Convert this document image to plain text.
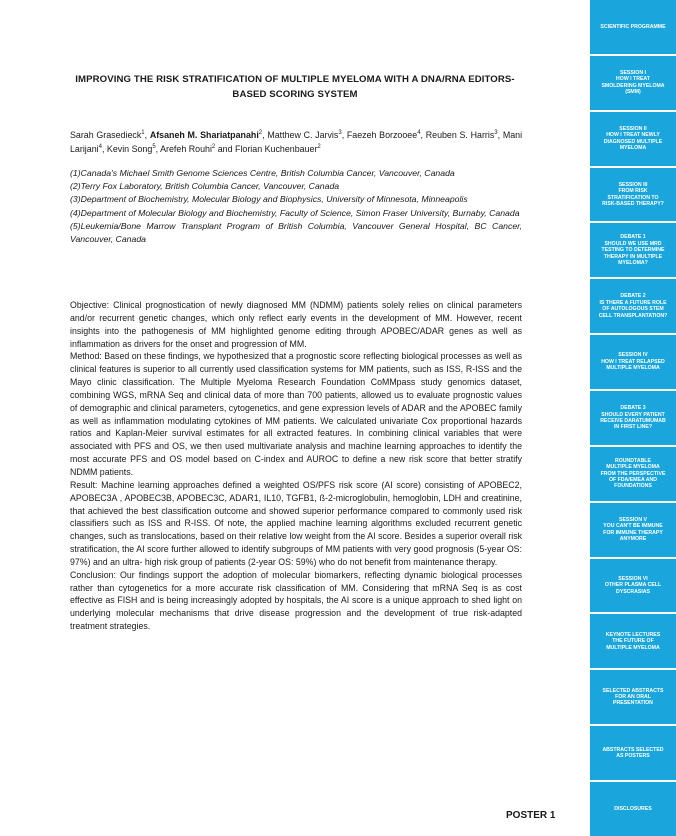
IMPROVING THE RISK STRATIFICATION OF MULTIPLE MYELOMA WITH A DNA/RNA EDITORS-BASED SCORING SYSTEM
Sarah Grasedieck$^1$, Afsaneh M. Shariatpanahi$^2$, Matthew C. Jarvis$^3$, Faezeh Borzooee$^4$, Reuben S. Harris$^3$, Mani Larijani$^4$, Kevin Song$^5$, Arefeh Rouhi$^2$ and Florian Kuchenbauer$^2$
(1)Canada's Michael Smith Genome Sciences Centre, British Columbia Cancer, Vancouver, Canada
(2)Terry Fox Laboratory, British Columbia Cancer, Vancouver, Canada
(3)Department of Biochemistry, Molecular Biology and Biophysics, University of Minnesota, Minneapolis
(4)Department of Molecular Biology and Biochemistry, Faculty of Science, Simon Fraser University, Burnaby, Canada
(5)Leukemia/Bone Marrow Transplant Program of British Columbia, Vancouver General Hospital, BC Cancer, Vancouver, Canada

Objective: Clinical prognostication of newly diagnosed MM (NDMM) patients solely relies on clinical parameters and/or recurrent genetic changes, which only reflect early events in the development of MM. However, recent insights into the pathogenesis of MM highlighted genome editing through APOBEC/ADAR genes as well as inflammation as drivers for the onset and progression of MM.

Method: Based on these findings, we hypothesized that a prognostic score reflecting biological processes as well as clinical features is superior to all currently used classification systems for MM patients, such as ISS, R-ISS and the Mayo clinic classification. The Multiple Myeloma Research Foundation CoMMpass study genomics dataset, combining WGS, mRNA Seq and clinical data of more than 700 patients, allowed us to evaluate prognostic values of demographic and clinical parameters, cytogenetics, and gene expression levels of ADAR and the APOBEC family as well as inflammation modulating cytokines of MM patients. We calculated univariate Cox proportional hazards ratios and Kaplan-Meier survival estimates for all extracted features. In combining clinical variables that were associated with PFS and OS, we then used multivariate analysis and machine learning approaches to identify the most accurate PFS and OS model based on C-index and AUROC to define a new risk score that better stratify NDMM patients.

Result: Machine learning approaches defined a weighted OS/PFS risk score (AI score) consisting of APOBEC2, APOBEC3A , APOBEC3B, APOBEC3C, ADAR1, IL10, TGFB1, ß-2-microglobulin, hemoglobin, LDH and creatinine, that achieved the best classification outcome and showed superior performance compared to commonly used risk classifiers such as ISS and R-ISS. Of note, the applied machine learning algorithms excluded recurrent genetic changes, such as translocations, based on their relative low weight from the AI score. Besides a superior overall risk stratification, the AI score further allowed to identify subgroups of MM patients with very good prognosis (5-year OS: 97%) and an ultra- high risk group of patients (2-year OS: 59%) who do not benefit from maintenance therapy.

Conclusion: Our findings support the adoption of molecular biomarkers, reflecting dynamic biological processes rather than cytogenetics for a more accurate risk classification of MM. Considering that mRNA Seq is as cost effective as FISH and is being increasingly adopted by hospitals, the AI score is a unique approach to shed light on underlying molecular mechanisms that drive disease progression and the development of true risk-adapted treatment strategies.

POSTER 1
SCIENTIFIC PROGRAMME
SESSION I
HOW I TREAT
SMOLDERING MYELOMA
(SMM)
SESSION II
HOW I TREAT NEWLY
DIAGNOSED MULTIPLE
MYELOMA
SESSION III
FROM RISK
STRATIFICATION TO
RISK-BASED THERAPY?
DEBATE 1
SHOULD WE USE MRD
TESTING TO DETERMINE
THERAPY IN MULTIPLE
MYELOMA?
DEBATE 2
IS THERE A FUTURE ROLE
OF AUTOLOGOUS STEM
CELL TRANSPLANTATION?
SESSION IV
HOW I TREAT RELAPSED
MULTIPLE MYELOMA
DEBATE 3
SHOULD EVERY PATIENT
RECEIVE DARATUMUMAB
IN FIRST LINE?
ROUNDTABLE
MULTIPLE MYELOMA
FROM THE PERSPECTIVE
OF FDA/EMEA AND
FOUNDATIONS
SESSION V
YOU CAN'T BE IMMUNE
FOR IMMUNE THERAPY
ANYMORE
SESSION VI
OTHER PLASMA CELL
DYSCRASIAS
KEYNOTE LECTURES
THE FUTURE OF
MULTIPLE MYELOMA
SELECTED ABSTRACTS
FOR AN ORAL
PRESENTATION
ABSTRACTS SELECTED
AS POSTERS
DISCLOSURES
